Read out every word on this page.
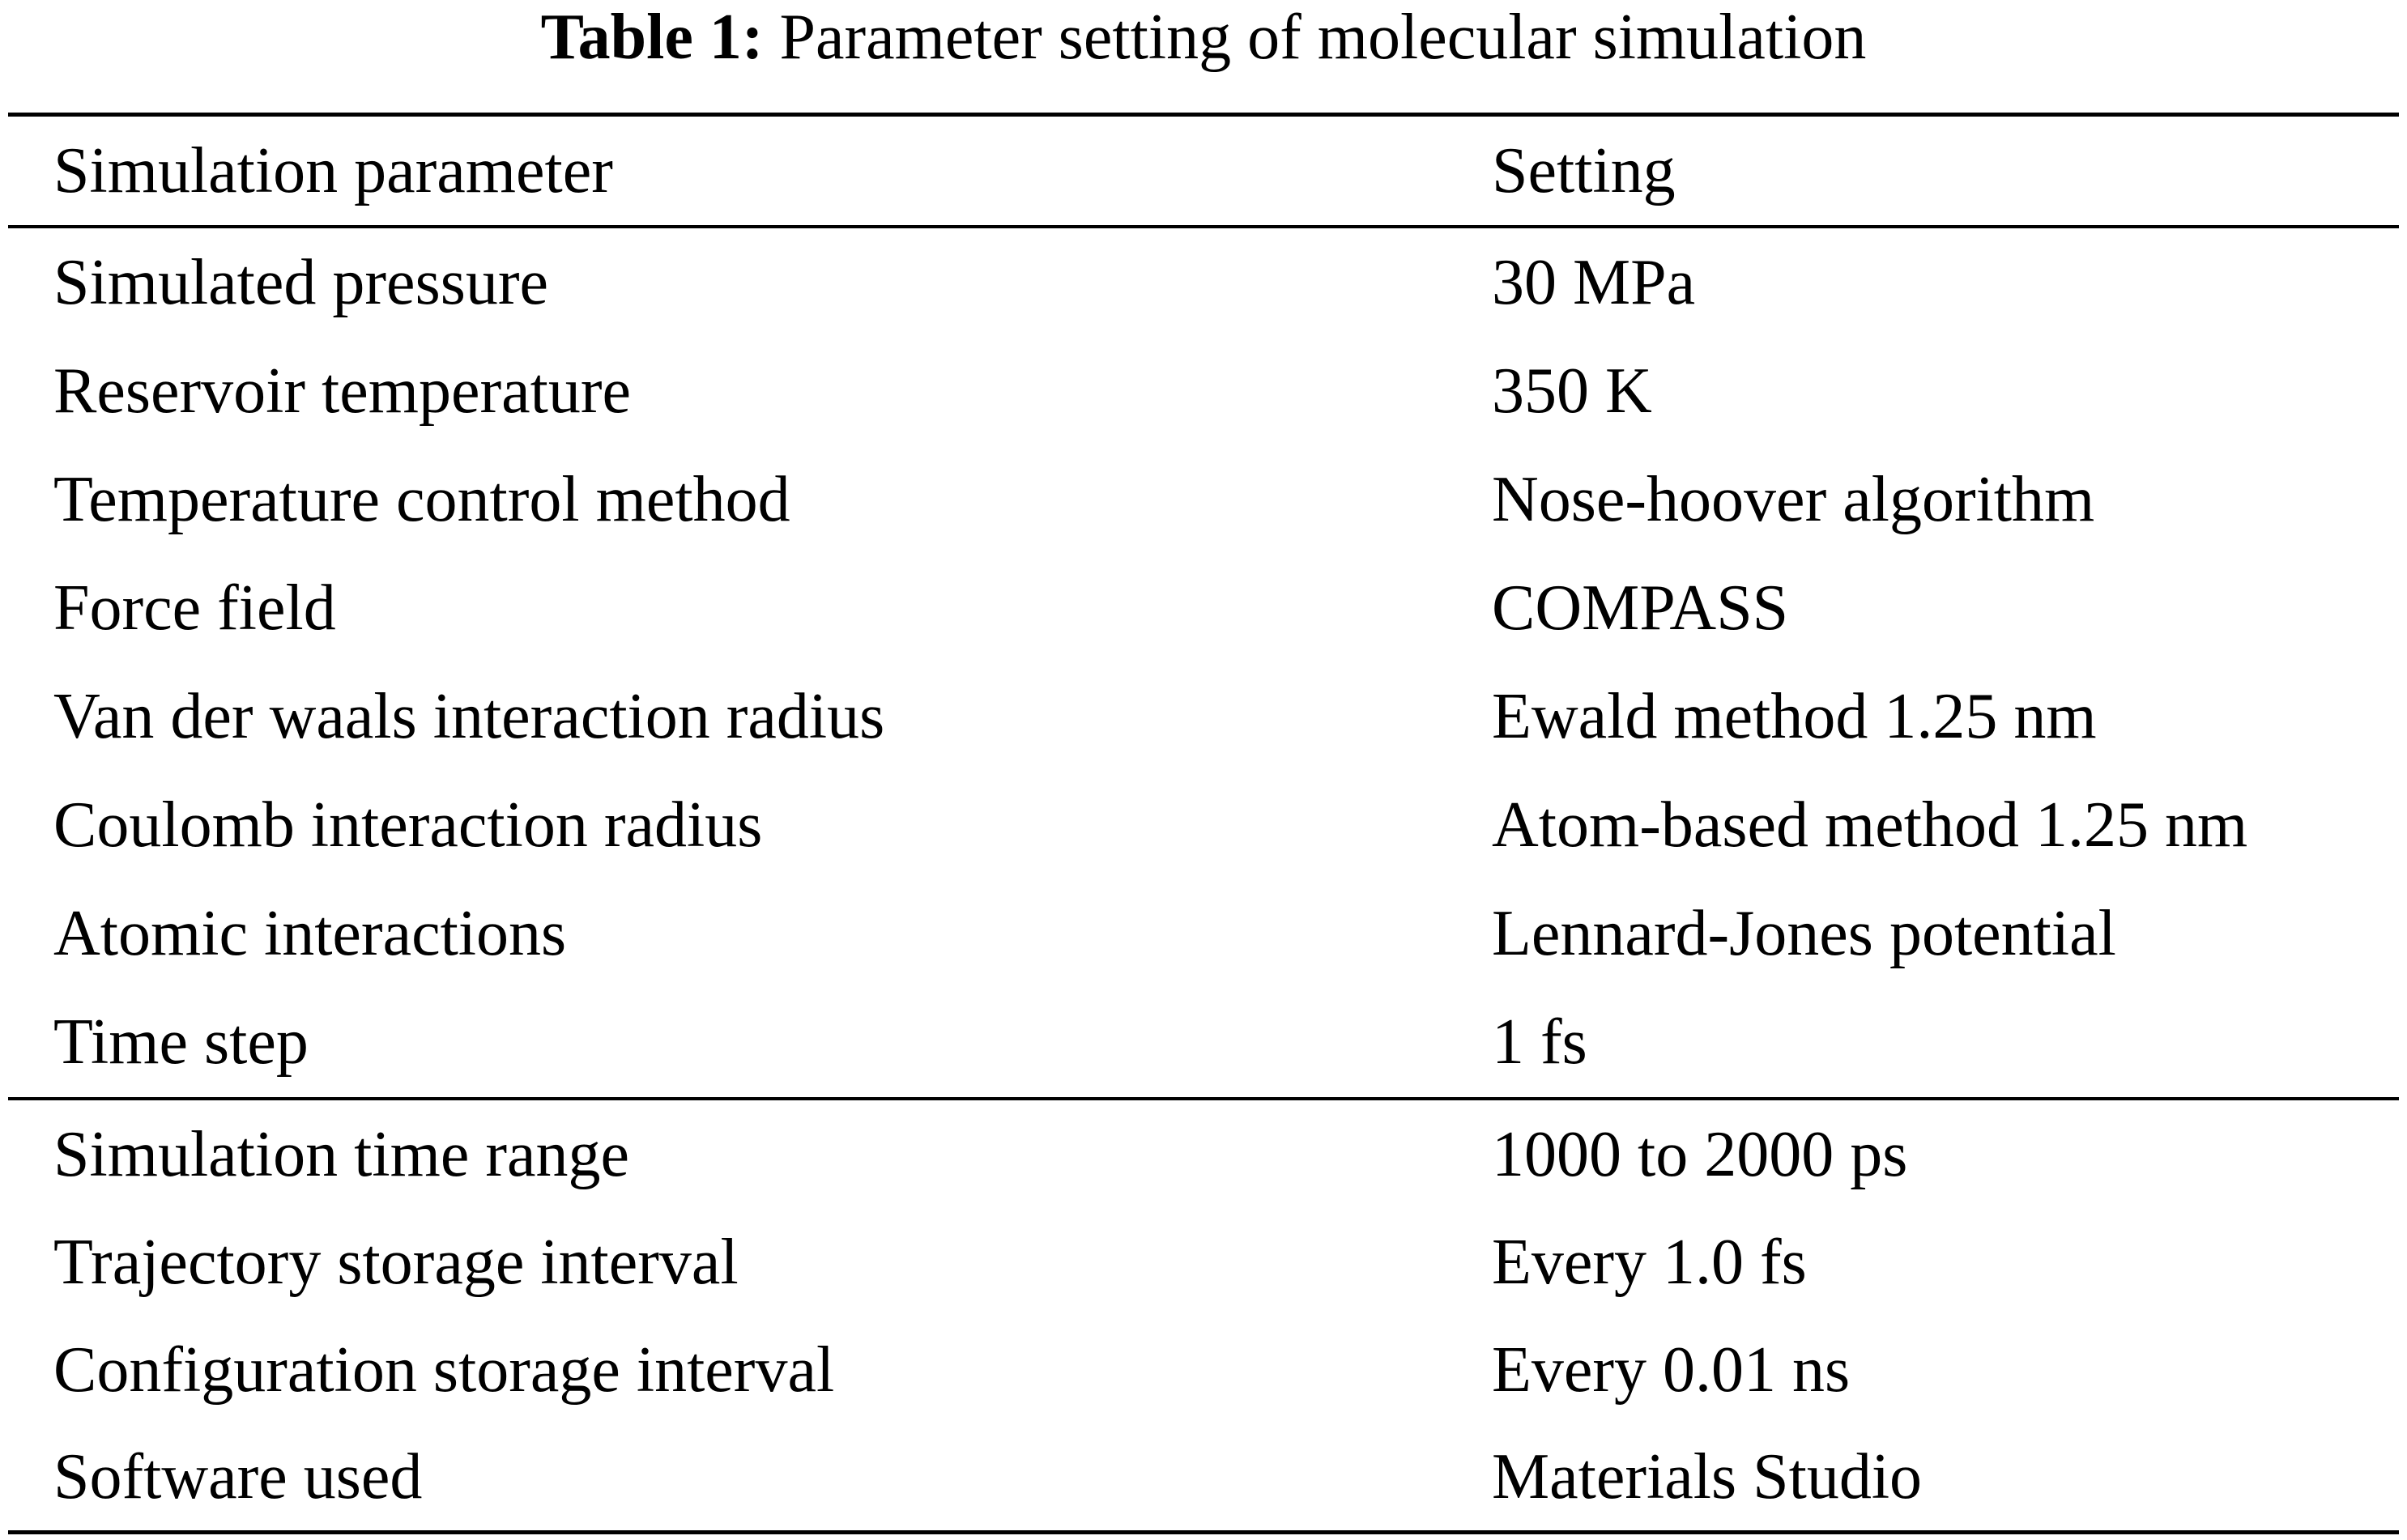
Table 1: Parameter setting of molecular simulation
Simulation parameter	Setting
Simulated pressure	30 MPa
Reservoir temperature	350 K
Temperature control method	Nose-hoover algorithm
Force field	COMPASS
Van der waals interaction radius	Ewald method 1.25 nm
Coulomb interaction radius	Atom-based method 1.25 nm
Atomic interactions	Lennard-Jones potential
Time step	1 fs
Simulation time range	1000 to 2000 ps
Trajectory storage interval	Every 1.0 fs
Configuration storage interval	Every 0.01 ns
Software used	Materials Studio
